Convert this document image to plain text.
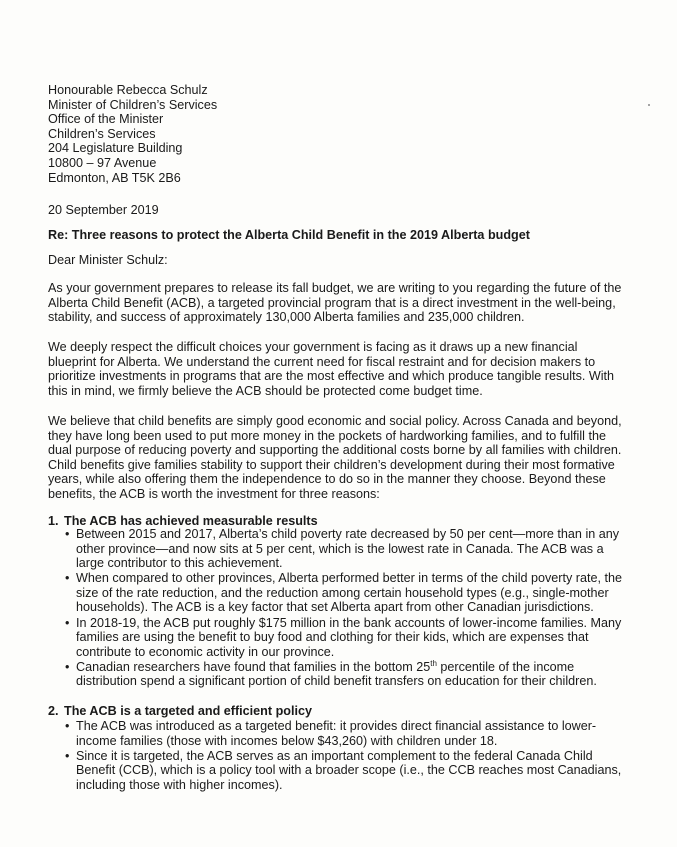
Honourable Rebecca Schulz
Minister of Children’s Services
Office of the Minister
Children’s Services
204 Legislature Building
10800 – 97 Avenue
Edmonton, AB T5K 2B6
20 September 2019
Re: Three reasons to protect the Alberta Child Benefit in the 2019 Alberta budget
Dear Minister Schulz:
As your government prepares to release its fall budget, we are writing to you regarding the future of the
Alberta Child Benefit (ACB), a targeted provincial program that is a direct investment in the well-being,
stability, and success of approximately 130,000 Alberta families and 235,000 children.
We deeply respect the difficult choices your government is facing as it draws up a new financial
blueprint for Alberta. We understand the current need for fiscal restraint and for decision makers to
prioritize investments in programs that are the most effective and which produce tangible results. With
this in mind, we firmly believe the ACB should be protected come budget time.
We believe that child benefits are simply good economic and social policy. Across Canada and beyond,
they have long been used to put more money in the pockets of hardworking families, and to fulfill the
dual purpose of reducing poverty and supporting the additional costs borne by all families with children.
Child benefits give families stability to support their children’s development during their most formative
years, while also offering them the independence to do so in the manner they choose. Beyond these
benefits, the ACB is worth the investment for three reasons:
1. The ACB has achieved measurable results
• Between 2015 and 2017, Alberta’s child poverty rate decreased by 50 per cent—more than in any
other province—and now sits at 5 per cent, which is the lowest rate in Canada. The ACB was a
large contributor to this achievement.
• When compared to other provinces, Alberta performed better in terms of the child poverty rate, the
size of the rate reduction, and the reduction among certain household types (e.g., single-mother
households). The ACB is a key factor that set Alberta apart from other Canadian jurisdictions.
• In 2018-19, the ACB put roughly $175 million in the bank accounts of lower-income families. Many
families are using the benefit to buy food and clothing for their kids, which are expenses that
contribute to economic activity in our province.
• Canadian researchers have found that families in the bottom 25th percentile of the income
distribution spend a significant portion of child benefit transfers on education for their children.
2. The ACB is a targeted and efficient policy
• The ACB was introduced as a targeted benefit: it provides direct financial assistance to lower-
income families (those with incomes below $43,260) with children under 18.
• Since it is targeted, the ACB serves as an important complement to the federal Canada Child
Benefit (CCB), which is a policy tool with a broader scope (i.e., the CCB reaches most Canadians,
including those with higher incomes).
